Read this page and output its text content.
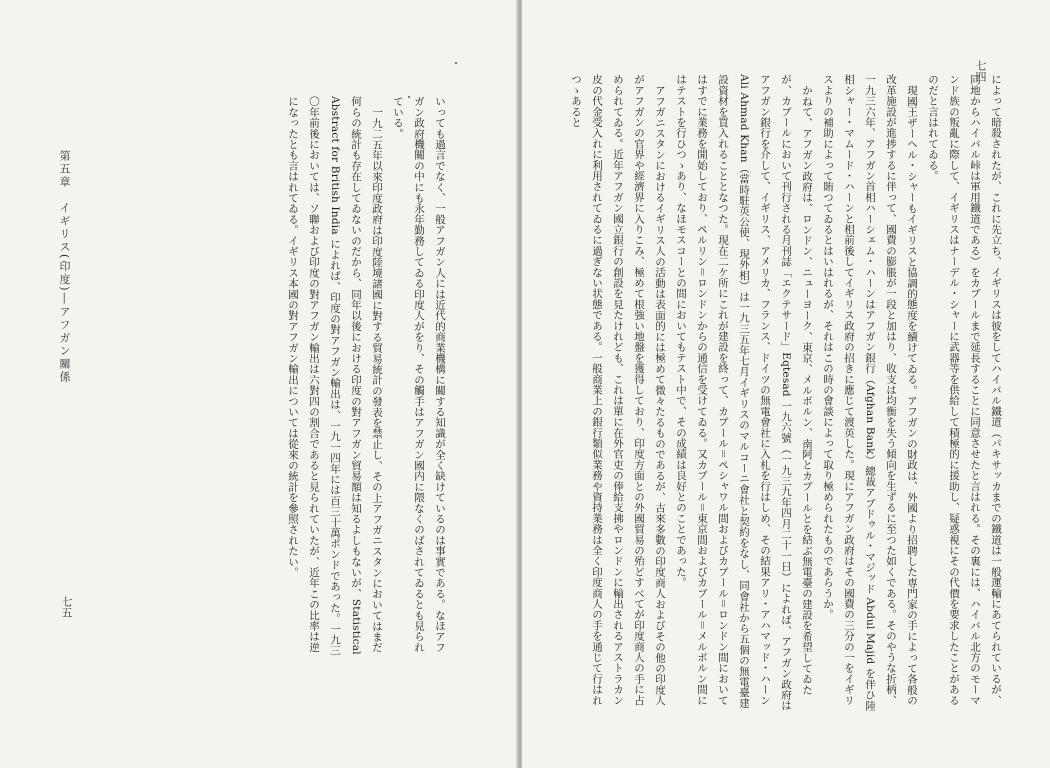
第五章　イギリス(印度)―アフガン關係
七五	いっても過言でなく、一般アフガン人には近代的商業機構に關する知識が全く缺けているのは事實である。なほアフガン政府機關の中にも永年勤務してゐる印度人がをり、その觸手はアフガン國内に隈なくのばされてゐるとも見られている。

一九二五年以來印度政府は印度陸境諸國に對する貿易統計の發表を禁止し、その上アフガニスタンにおいてはまだ何らの統計も存在してゐないのだから、同年以後における印度の對アフガン貿易額は知るよしもないが、Statistical Abstract for British India によれば、印度の對アフガン輸出は、一九一四年には百三十萬ポンドであった。一九三〇年前後においては、ソ聯および印度の對アフガン輸出は六對四の割合であると見られていたが、近年この比率は逆になったとも言はれてゐる。イギリス本國の對アフガン輸出については從來の統計を參照されたい。

七四

によって暗殺されたが、これに先立ち、イギリスは彼をしてハイバル鐵道（パキサッカまでの鐵道は一般運輸にあてられているが、同地からハイバル峠は軍用鐵道である）をカブールまで延長することに同意させたと言はれる。その裏には、ハイバル北方のモーマンド族の叛亂に際して、イギリスはナーデル・シャーに武器等を供給して積極的に援助し、疑惑視にその代價を要求したことがあるのだと言はれてゐる。

現國王ザーヘル・シャーもイギリスと協調的態度を續けてゐる。アフガンの財政は、外國より招聘した専門家の手によって各般の改革施設が進捗するに伴って、國費の膨脹が一段と加はり、收支は均衡を失う傾向を生ずるに至つた如くである。そのやうな折柄、一九三六年、アフガン首相ハーシェム・ハーンはアフガン銀行（Afghan Bank）總裁アブドゥル・マジッド Abdul Majid を伴ひ陸相シャー・マムード・ハーンと相前後してイギリス政府の招きに應じて渡英した。現にアフガン政府はその國費の三分の一をイギリスよりの補助によって賄つてゐるとはいはれるが、それはこの時の會談によって取り極められたものであらうか。

かねて、アフガン政府は、ロンドン、ニューヨーク、東京、メルボルン、南阿とカブールとを結ぶ無電臺の建設を希望してゐたが、カブールにおいて刊行される月刊誌「エクテサード」Eqtesad 一九六號（一九三九年四月二十一日）によれば、アフガン政府はアフガン銀行を介して、イギリス、アメリカ、フランス、ドイツの無電會社に入札を行はしめ、その結果アリ・アハマッド・ハーン Ali Ahmad Khan（當時駐英公使、現外相）は一九三五年七月イギリスのマルコーニ會社と契約をなし、同會社から五個の無電臺建設資材を買入れることとなつた。現在二ケ所にこれが建設を終って、カブール＝ペシャワル間およびカブール＝ロンドン間においてはすでに業務を開始しており、ペルリン＝ロンドンからの通信を受けてゐる。又カブール＝東京間およびカブール＝メルボルン間にはテストを行ひつゝあり、なほモスコーとの間においてもテスト中で、その成績は良好とのことであった。

アフガニスタンにおけるイギリス人の活動は表面的には極めて微々たるものであるが、古來多數の印度商人およびその他の印度人がアフガンの官界や經濟界に入りこみ、極めて根強い地盤を獲得しており、印度方面との外國貿易の殆どすべてが印度商人の手に占められてゐる。近年アフガン國立銀行の創設を見たけれども、これは單に在外官吏の俸給支拂やロンドンに輸出されるアストラカン皮の代金受入れに利用されてゐるに過ぎない状態である。一般商業上の銀行類似業務や資持業務は全く印度商人の手を通じて行はれつゝあると
